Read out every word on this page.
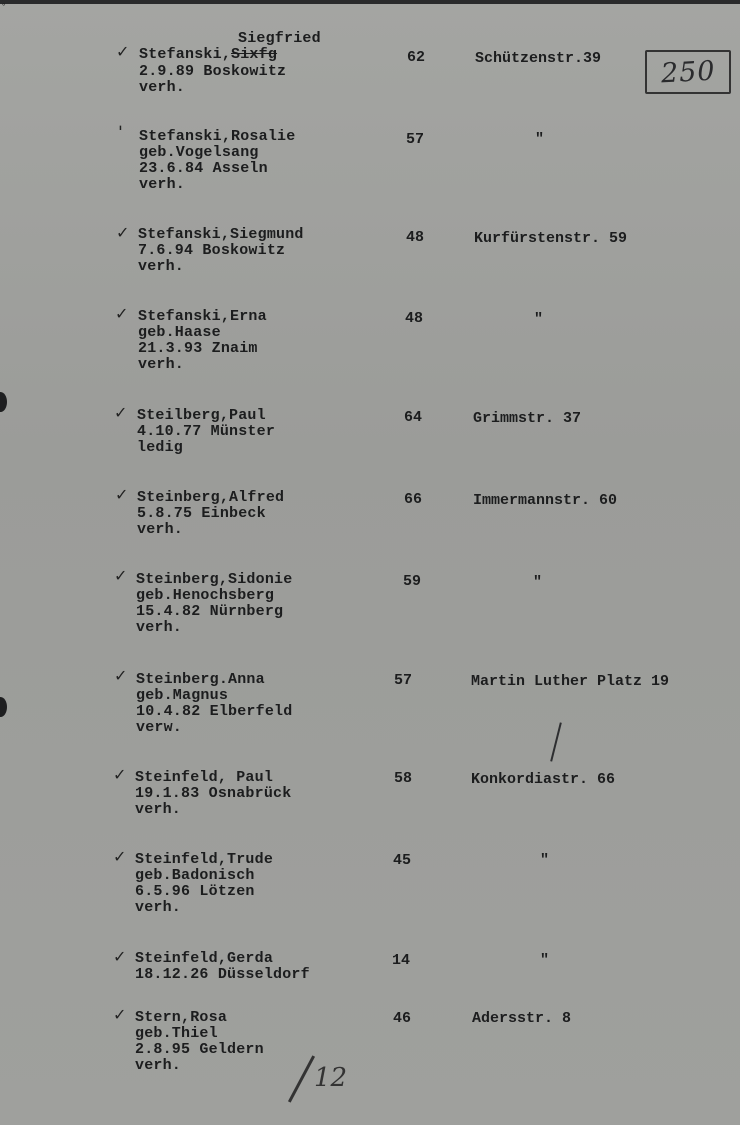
°
250
Siegfried
✓ Stefanski,Sixfg
2.9.89 Boskowitz
verh.
62	Schützenstr.39
ˈ Stefanski,Rosalie
geb.Vogelsang
23.6.84 Asseln
verh.
57	"
✓ Stefanski,Siegmund
7.6.94 Boskowitz
verh.
48	Kurfürstenstr. 59
✓ Stefanski,Erna
geb.Haase
21.3.93 Znaim
verh.
48	"
✓ Steilberg,Paul
4.10.77 Münster
ledig
64	Grimmstr. 37
✓ Steinberg,Alfred
5.8.75 Einbeck
verh.
66	Immermannstr. 60
✓ Steinberg,Sidonie
geb.Henochsberg
15.4.82 Nürnberg
verh.
59	"
✓ Steinberg.Anna
geb.Magnus
10.4.82 Elberfeld
verw.
57	Martin Luther Platz 19
✓ Steinfeld, Paul
19.1.83 Osnabrück
verh.
58	Konkordiastr. 66
✓ Steinfeld,Trude
geb.Badonisch
6.5.96 Lötzen
verh.
45	"
✓ Steinfeld,Gerda
18.12.26 Düsseldorf
14	"
✓ Stern,Rosa
geb.Thiel
2.8.95 Geldern
verh.
46	Adersstr. 8
12
